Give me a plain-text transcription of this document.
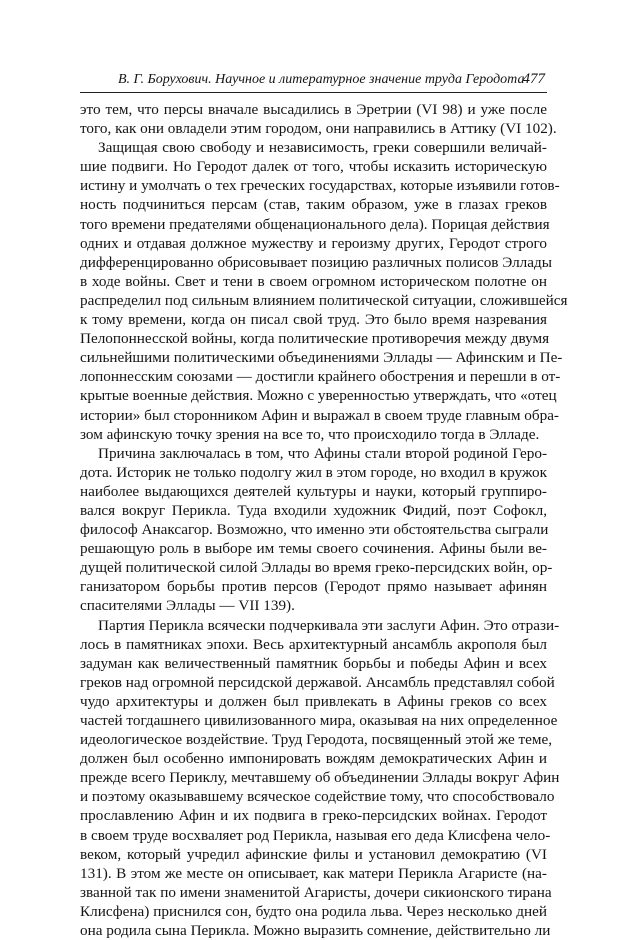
В. Г. Борухович. Научное и литературное значение труда Геродота
477

это тем, что персы вначале высадились в Эретрии (VI 98) и уже после
того, как они овладели этим городом, они направились в Аттику (VI 102).

Защищая свою свободу и независимость, греки совершили величай-
шие подвиги. Но Геродот далек от того, чтобы исказить историческую
истину и умолчать о тех греческих государствах, которые изъявили готов-
ность подчиниться персам (став, таким образом, уже в глазах греков
того времени предателями общенационального дела). Порицая действия
одних и отдавая должное мужеству и героизму других, Геродот строго
дифференцированно обрисовывает позицию различных полисов Эллады
в ходе войны. Свет и тени в своем огромном историческом полотне он
распределил под сильным влиянием политической ситуации, сложившейся
к тому времени, когда он писал свой труд. Это было время назревания
Пелопоннесской войны, когда политические противоречия между двумя
сильнейшими политическими объединениями Эллады — Афинским и Пе-
лопоннесским союзами — достигли крайнего обострения и перешли в от-
крытые военные действия. Можно с уверенностью утверждать, что «отец
истории» был сторонником Афин и выражал в своем труде главным обра-
зом афинскую точку зрения на все то, что происходило тогда в Элладе.

Причина заключалась в том, что Афины стали второй родиной Геро-
дота. Историк не только подолгу жил в этом городе, но входил в кружок
наиболее выдающихся деятелей культуры и науки, который группиро-
вался вокруг Перикла. Туда входили художник Фидий, поэт Софокл,
философ Анаксагор. Возможно, что именно эти обстоятельства сыграли
решающую роль в выборе им темы своего сочинения. Афины были ве-
дущей политической силой Эллады во время греко-персидских войн, ор-
ганизатором борьбы против персов (Геродот прямо называет афинян
спасителями Эллады — VII 139).

Партия Перикла всячески подчеркивала эти заслуги Афин. Это отрази-
лось в памятниках эпохи. Весь архитектурный ансамбль акрополя был
задуман как величественный памятник борьбы и победы Афин и всех
греков над огромной персидской державой. Ансамбль представлял собой
чудо архитектуры и должен был привлекать в Афины греков со всех
частей тогдашнего цивилизованного мира, оказывая на них определенное
идеологическое воздействие. Труд Геродота, посвященный этой же теме,
должен был особенно импонировать вождям демократических Афин и
прежде всего Периклу, мечтавшему об объединении Эллады вокруг Афин
и поэтому оказывавшему всяческое содействие тому, что способствовало
прославлению Афин и их подвига в греко-персидских войнах. Геродот
в своем труде восхваляет род Перикла, называя его деда Клисфена чело-
веком, который учредил афинские филы и установил демократию (VI
131). В этом же месте он описывает, как матери Перикла Агаристе (на-
званной так по имени знаменитой Агаристы, дочери сикионского тирана
Клисфена) приснился сон, будто она родила льва. Через несколько дней
она родила сына Перикла. Можно выразить сомнение, действительно ли
